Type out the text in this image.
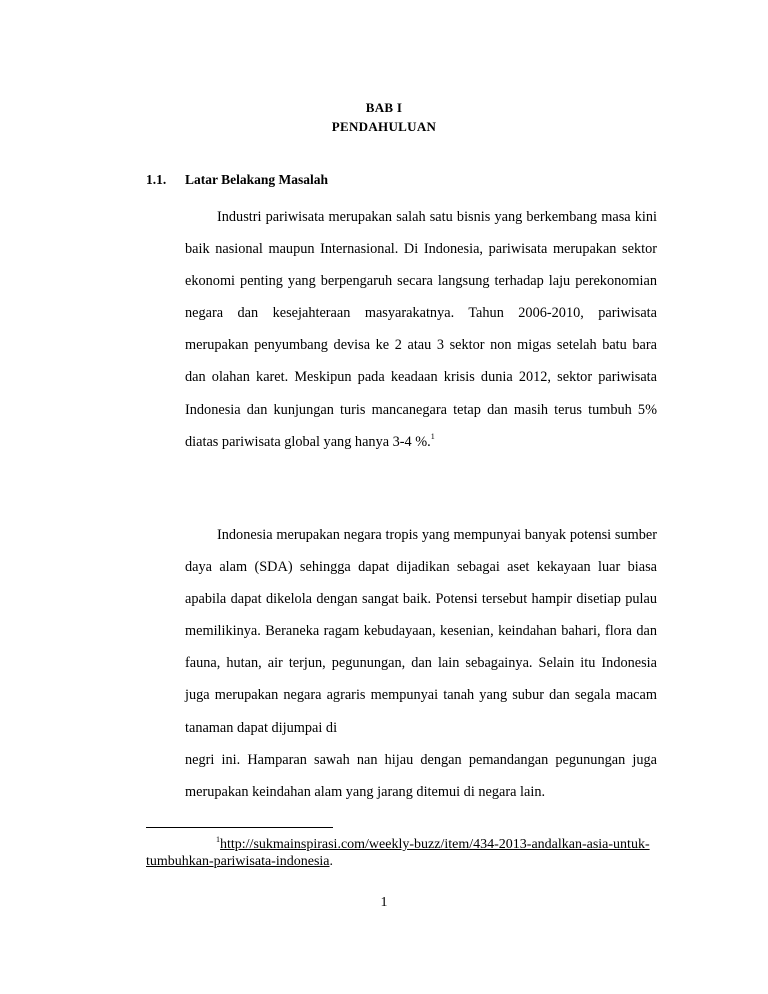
BAB I
PENDAHULUAN
1.1. Latar Belakang Masalah

Industri pariwisata merupakan salah satu bisnis yang berkembang masa kini baik nasional maupun Internasional. Di Indonesia, pariwisata merupakan sektor ekonomi penting yang berpengaruh secara langsung terhadap laju perekonomian negara dan kesejahteraan masyarakatnya. Tahun 2006-2010, pariwisata merupakan penyumbang devisa ke 2 atau 3 sektor non migas setelah batu bara dan olahan karet. Meskipun pada keadaan krisis dunia 2012, sektor pariwisata Indonesia dan kunjungan turis mancanegara tetap dan masih terus tumbuh 5% diatas pariwisata global yang hanya 3-4 %.$^1$

Indonesia merupakan negara tropis yang mempunyai banyak potensi sumber daya alam (SDA) sehingga dapat dijadikan sebagai aset kekayaan luar biasa apabila dapat dikelola dengan sangat baik. Potensi tersebut hampir disetiap pulau memilikinya. Beraneka ragam kebudayaan, kesenian, keindahan bahari, flora dan fauna, hutan, air terjun, pegunungan, dan lain sebagainya. Selain itu Indonesia juga merupakan negara agraris mempunyai tanah yang subur dan segala macam tanaman dapat dijumpai di
negri ini. Hamparan sawah nan hijau dengan pemandangan pegunungan juga merupakan keindahan alam yang jarang ditemui di negara lain.

$^1$http://sukmainspirasi.com/weekly-buzz/item/434-2013-andalkan-asia-untuk-tumbuhkan-pariwisata-indonesia.

1
